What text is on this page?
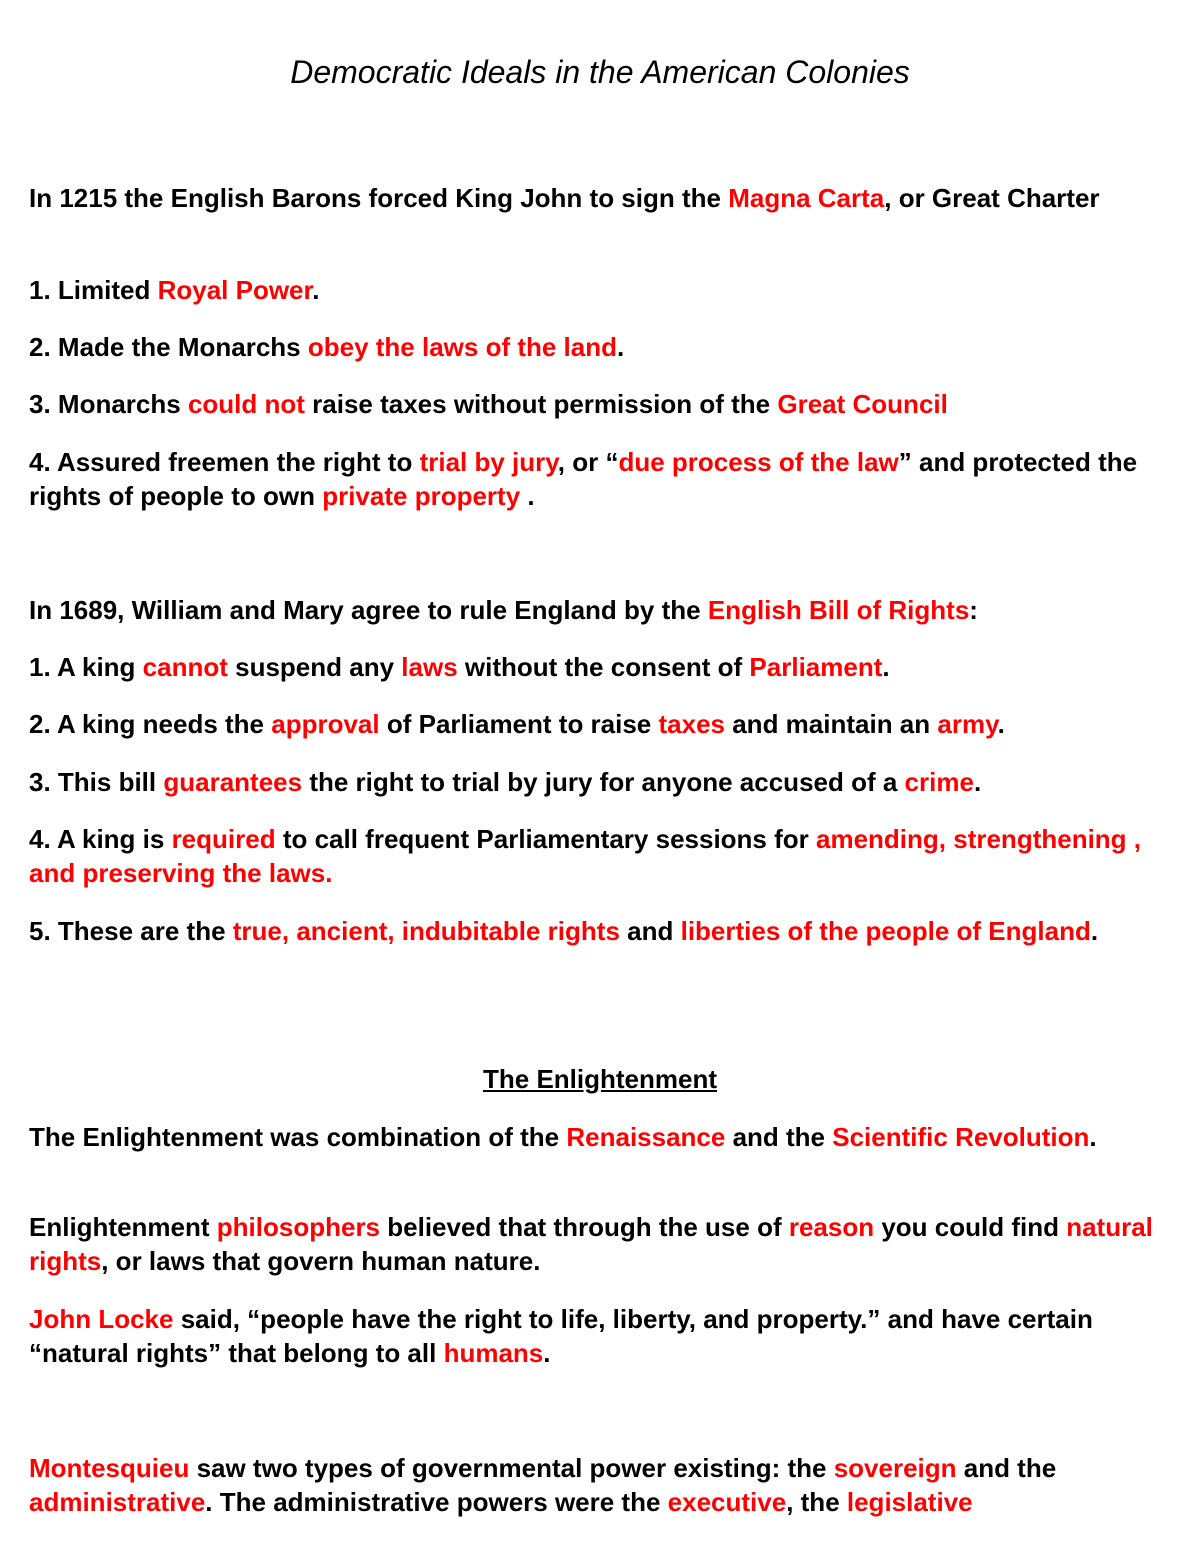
Democratic Ideals in the American Colonies

In 1215 the English Barons forced King John to sign the Magna Carta, or Great Charter

1. Limited Royal Power.

2. Made the Monarchs obey the laws of the land.

3. Monarchs could not raise taxes without permission of the Great Council

4. Assured freemen the right to trial by jury, or “due process of the law” and protected the rights of people to own private property .

In 1689, William and Mary agree to rule England by the English Bill of Rights:

1. A king cannot suspend any laws without the consent of Parliament.

2. A king needs the approval of Parliament to raise taxes and maintain an army.

3. This bill guarantees the right to trial by jury for anyone accused of a crime.

4. A king is required to call frequent Parliamentary sessions for amending, strengthening , and preserving the laws.

5. These are the true, ancient, indubitable rights and liberties of the people of England.

The Enlightenment

The Enlightenment was combination of the Renaissance and the Scientific Revolution.

Enlightenment philosophers believed that through the use of reason you could find natural rights, or laws that govern human nature.

John Locke said, “people have the right to life, liberty, and property.” and have certain “natural rights” that belong to all humans.

Montesquieu saw two types of governmental power existing: the sovereign and the administrative. The administrative powers were the executive, the legislative
